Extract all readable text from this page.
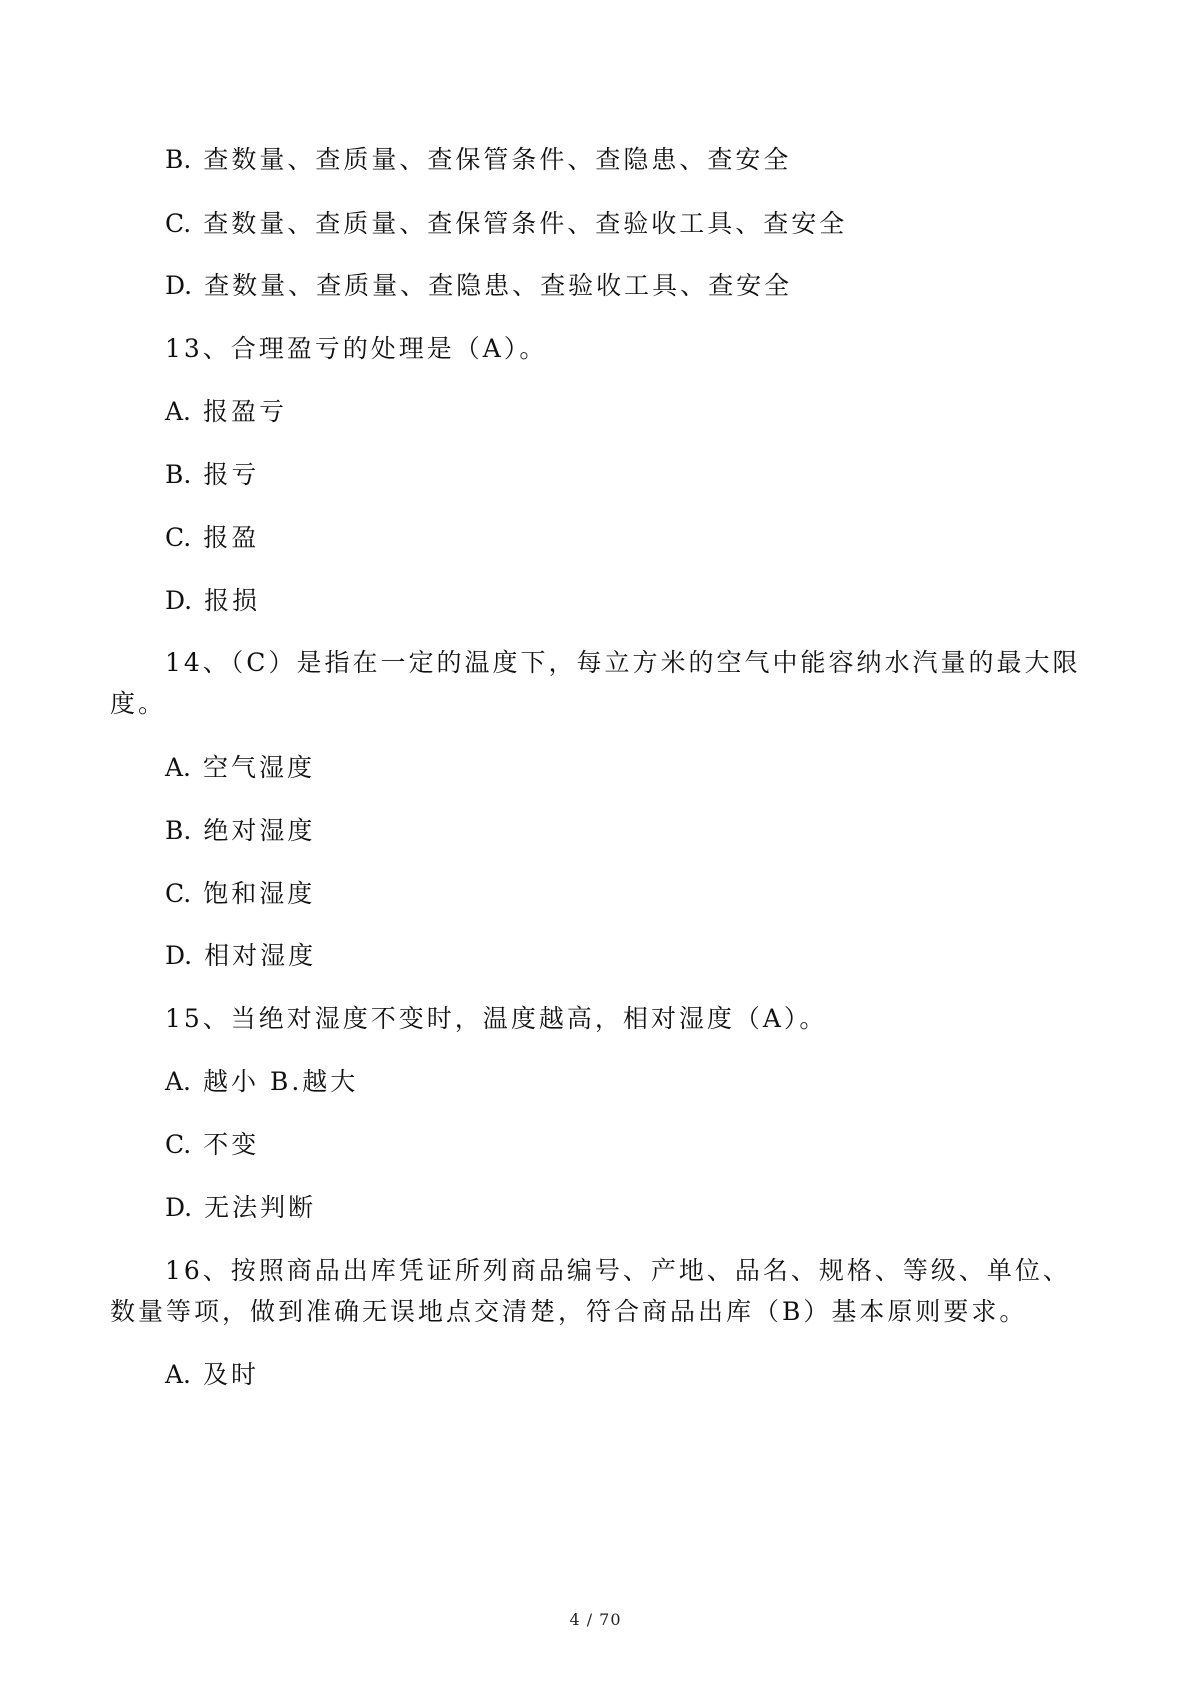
B. 查数量、查质量、查保管条件、查隐患、查安全

C. 查数量、查质量、查保管条件、查验收工具、查安全

D. 查数量、查质量、查隐患、查验收工具、查安全

13、合理盈亏的处理是（A）。

A. 报盈亏

B. 报亏

C. 报盈

D. 报损

14、（C）是指在一定的温度下，每立方米的空气中能容纳水汽量的最大限

度。

A. 空气湿度

B. 绝对湿度

C. 饱和湿度

D. 相对湿度

15、当绝对湿度不变时，温度越高，相对湿度（A）。

A. 越小 B.越大

C. 不变

D. 无法判断

16、按照商品出库凭证所列商品编号、产地、品名、规格、等级、单位、

数量等项，做到准确无误地点交清楚，符合商品出库（B）基本原则要求。

A. 及时

4 / 70
